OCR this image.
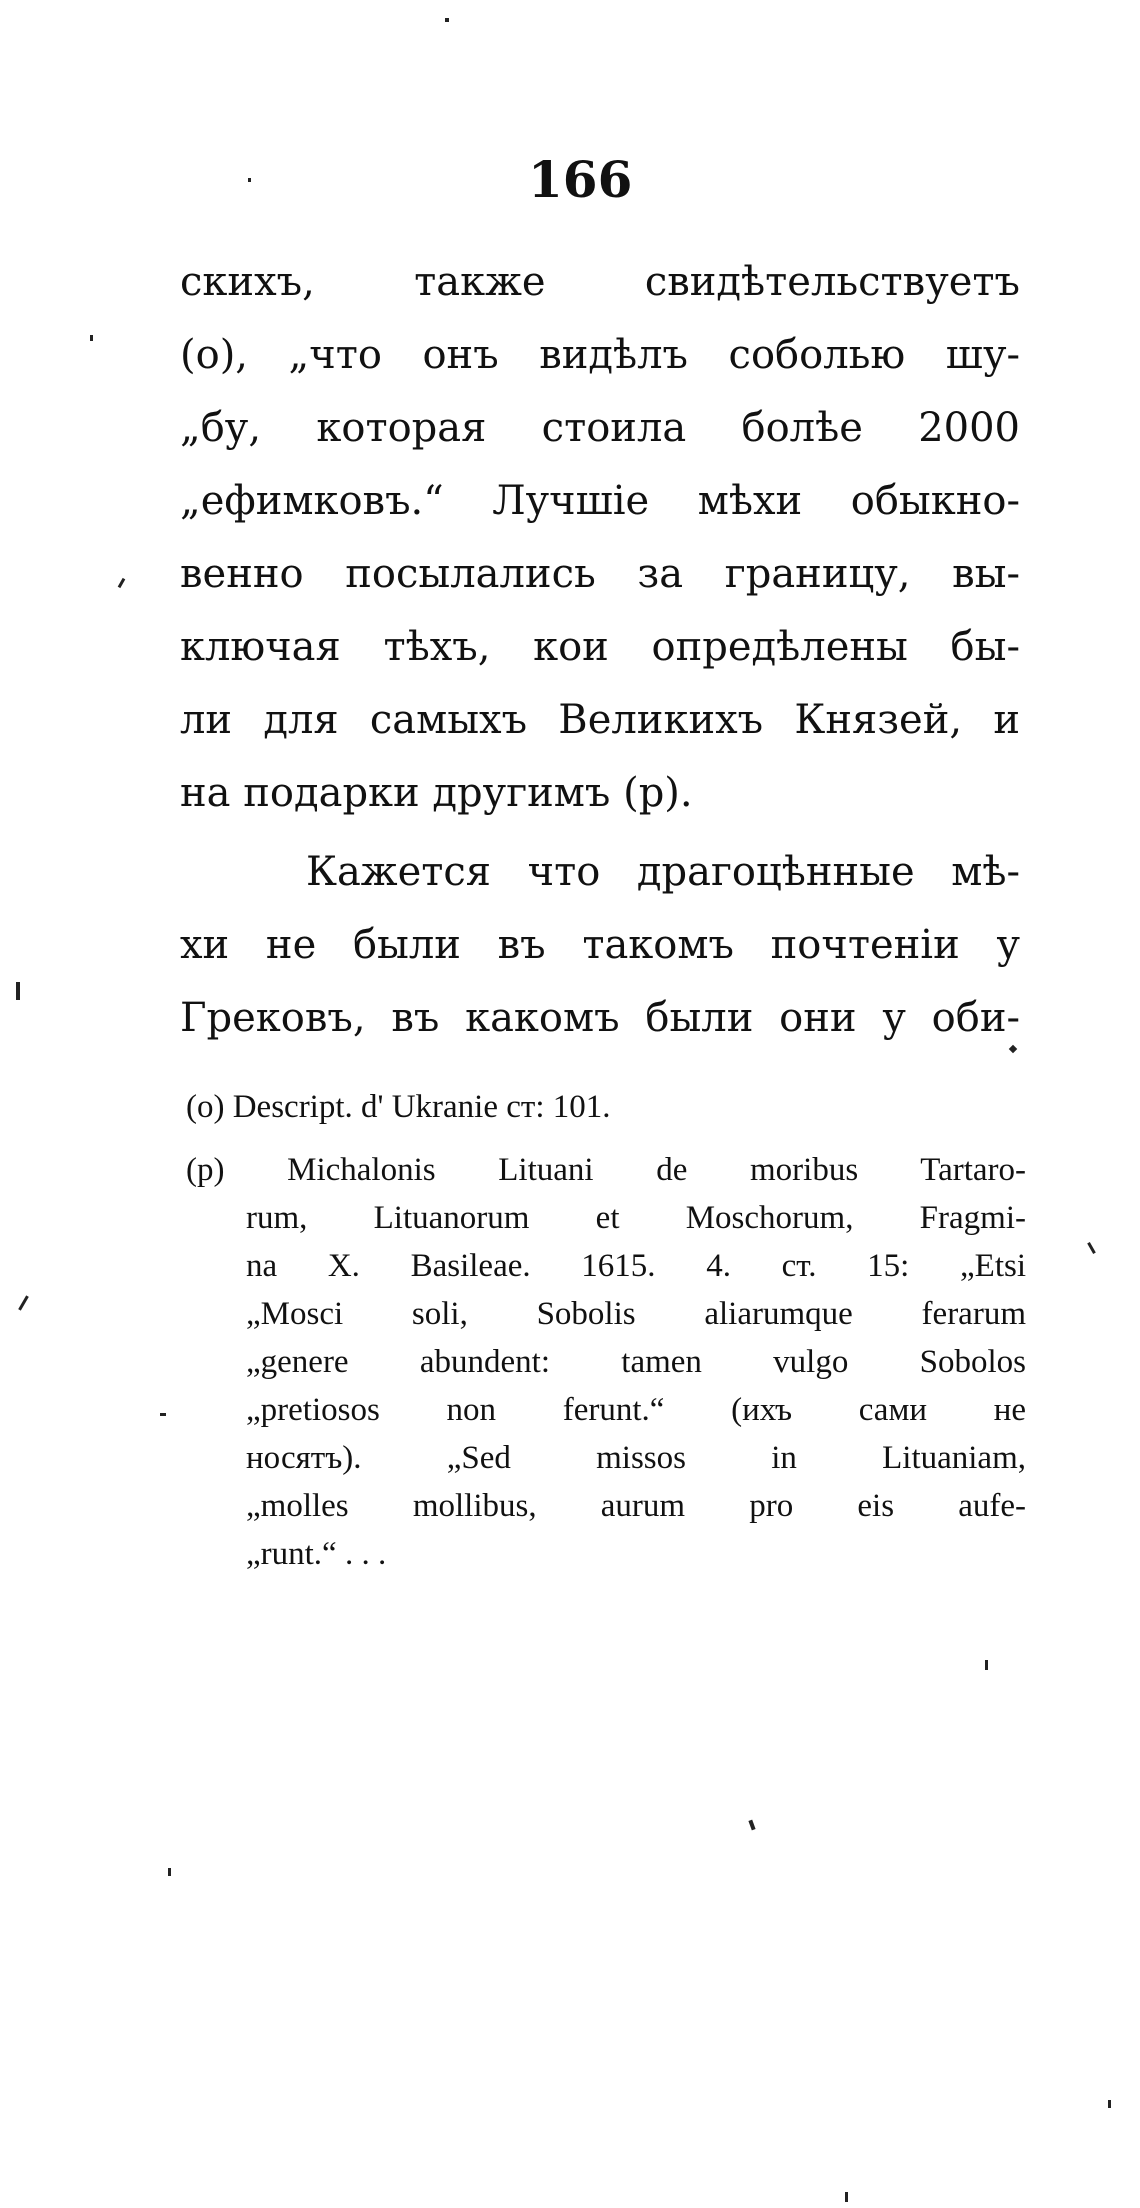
166
скихъ, также свидѣтельствуетъ
(о), „что онъ видѣлъ соболью шу-
„бу, которая стоила болѣе 2000
„ефимковъ.“ Лучшіе мѣхи обыкно-
венно посылались за границу, вы-
ключая тѣхъ, кои опредѣлены бы-
ли для самыхъ Великихъ Князей, и
на подарки другимъ (р).
Кажется что драгоцѣнные мѣ-
хи не были въ такомъ почтеніи у
Грековъ, въ какомъ были они у оби-
(о) Descript. d' Ukranie ст: 101.
(р) Michalonis Lituani de moribus Tartaro-
rum, Lituanorum et Moschorum, Fragmi-
na X. Basileae. 1615. 4. ст. 15: „Etsi
„Mosci soli, Sobolis aliarumque ferarum
„genere abundent: tamen vulgo Sobolos
„pretiosos non ferunt.“ (ихъ сами не
носятъ). „Sed missos in Lituaniam,
„molles mollibus, aurum pro eis aufe-
„runt.“ . . .
